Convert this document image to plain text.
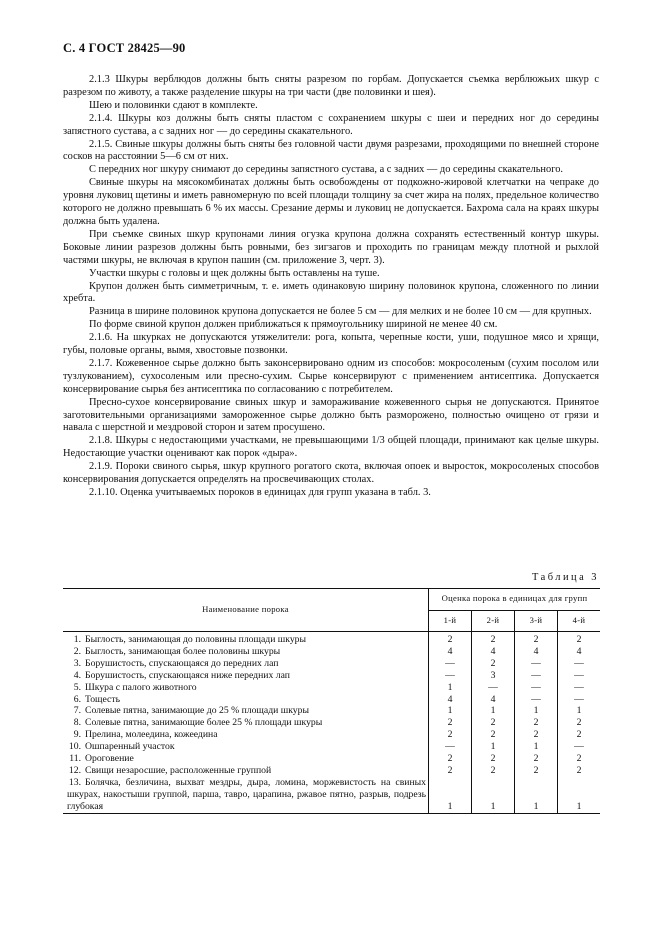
С. 4 ГОСТ 28425—90

2.1.3 Шкуры верблюдов должны быть сняты разрезом по горбам. Допускается съемка верблюжьих шкур с разрезом по животу, а также разделение шкуры на три части (две половинки и шея).

Шею и половинки сдают в комплекте.

2.1.4. Шкуры коз должны быть сняты пластом с сохранением шкуры с шеи и передних ног до середины запястного сустава, а с задних ног — до середины скакательного.

2.1.5. Свиные шкуры должны быть сняты без головной части двумя разрезами, проходящими по внешней стороне сосков на расстоянии 5—6 см от них.

С передних ног шкуру снимают до середины запястного сустава, а с задних — до середины скакательного.

Свиные шкуры на мясокомбинатах должны быть освобождены от подкожно-жировой клетчатки на чепраке до уровня луковиц щетины и иметь равномерную по всей площади толщину за счет жира на полях, предельное количество которого не должно превышать 6 % их массы. Срезание дермы и луковиц не допускается. Бахрома сала на краях шкуры должна быть удалена.

При съемке свиных шкур крупонами линия огузка крупона должна сохранять естественный контур шкуры. Боковые линии разрезов должны быть ровными, без зигзагов и проходить по границам между плотной и рыхлой частями шкуры, не включая в крупон пашин (см. приложение 3, черт. 3).

Участки шкуры с головы и щек должны быть оставлены на туше.

Крупон должен быть симметричным, т. е. иметь одинаковую ширину половинок крупона, сложенного по линии хребта.

Разница в ширине половинок крупона допускается не более 5 см — для мелких и не более 10 см — для крупных.

По форме свиной крупон должен приближаться к прямоугольнику шириной не менее 40 см.

2.1.6. На шкурках не допускаются утяжелители: рога, копыта, черепные кости, уши, подушное мясо и хрящи, губы, половые органы, вымя, хвостовые позвонки.

2.1.7. Кожевенное сырье должно быть законсервировано одним из способов: мокросоленым (сухим посолом или тузлукованием), сухосоленым или пресно-сухим. Сырье консервируют с применением антисептика. Допускается консервирование сырья без антисептика по согласованию с потребителем.

Пресно-сухое консервирование свиных шкур и замораживание кожевенного сырья не допускаются. Принятое заготовительными организациями замороженное сырье должно быть разморожено, полностью очищено от грязи и навала с шерстной и мездровой сторон и затем просушено.

2.1.8. Шкуры с недостающими участками, не превышающими 1/3 общей площади, принимают как целые шкуры. Недостающие участки оценивают как порок «дыра».

2.1.9. Пороки свиного сырья, шкур крупного рогатого скота, включая опоек и выросток, мокросоленых способов консервирования допускается определять на просвечивающих столах.

2.1.10. Оценка учитываемых пороков в единицах для групп указана в табл. 3.

Таблица 3
Наименование порока	Оценка порока в единицах для групп			
	1-й	2-й	3-й	4-й
1. Быглость, занимающая до половины площади шкуры	2	2	2	2
2. Быглость, занимающая более половины шкуры	4	4	4	4
3. Борушистость, спускающаяся до передних лап	—	2	—	—
4. Борушистость, спускающаяся ниже передних лап	—	3	—	—
5. Шкура с палого животного	1	—	—	—
6. Тощесть	4	4	—	—
7. Солевые пятна, занимающие до 25 % площади шкуры	1	1	1	1
8. Солевые пятна, занимающие более 25 % площади шкуры	2	2	2	2
9. Прелина, молеедина, кожеедина	2	2	2	2
10. Ошпаренный участок	—	1	1	—
11. Ороговение	2	2	2	2
12. Свищи незаросшие, расположенные группой	2	2	2	2
13. Болячка, безличина, выхват мездры, дыра, ломина, моржевистость на свиных шкурах, накостыши группой, парша, тавро, царапина, ржавое пятно, разрыв, подрезь глубокая	1	1	1	1
